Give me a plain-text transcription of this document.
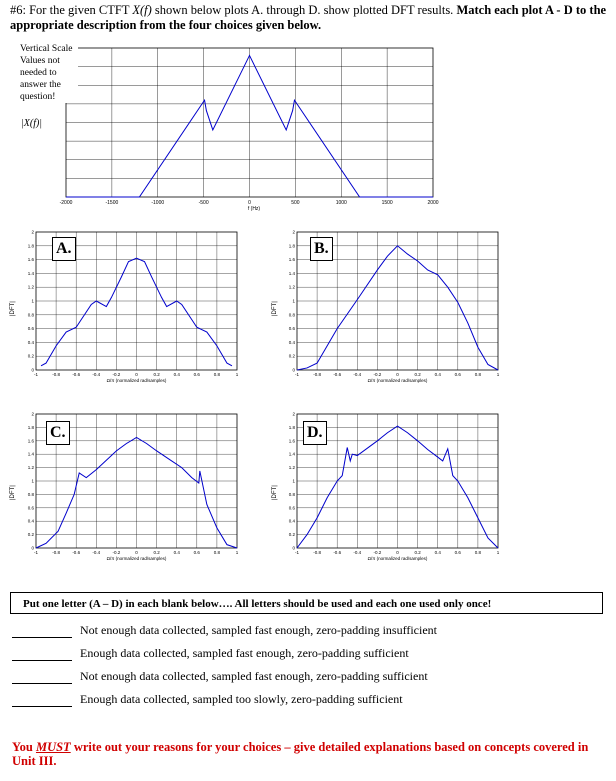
#6: For the given CTFT X(f) shown below plots A. through D. show plotted DFT results. Match each plot A - D to the appropriate description from the four choices given below.
Vertical Scale Values not needed to answer the question!
|X(f)|
-2000	-1500	-1000	-500	0	500	1000	1500	2000
f (Hz)
-1	-0.8	-0.6	-0.4	-0.2	0	0.2	0.4	0.6	0.8	1
0
0.2
0.4
0.6
0.8
1
1.2
1.4
1.6
1.8
2
Ω/π (normalized rad/samples)
-1	-0.8	-0.6	-0.4	-0.2	0	0.2	0.4	0.6	0.8	1
0
0.2
0.4
0.6
0.8
1
1.2
1.4
1.6
1.8
2
Ω/π (normalized rad/samples)
-1	-0.8	-0.6	-0.4	-0.2	0	0.2	0.4	0.6	0.8	1
0
0.2
0.4
0.6
0.8
1
1.2
1.4
1.6
1.8
2
Ω/π (normalized rad/samples)
-1	-0.8	-0.6	-0.4	-0.2	0	0.2	0.4	0.6	0.8	1
0
0.2
0.4
0.6
0.8
1
1.2
1.4
1.6
1.8
2
Ω/π (normalized rad/samples)
A.	B.
C.	D.
|DFT|	|DFT|
|DFT|	|DFT|
Put one letter (A – D) in each blank below…. All letters should be used and each one used only once!
Not enough data collected, sampled fast enough, zero-padding insufficient
Enough data collected, sampled fast enough, zero-padding sufficient
Not enough data collected, sampled fast enough, zero-padding sufficient
Enough data collected, sampled too slowly, zero-padding sufficient
You MUST write out your reasons for your choices – give detailed explanations based on concepts covered in Unit III.
